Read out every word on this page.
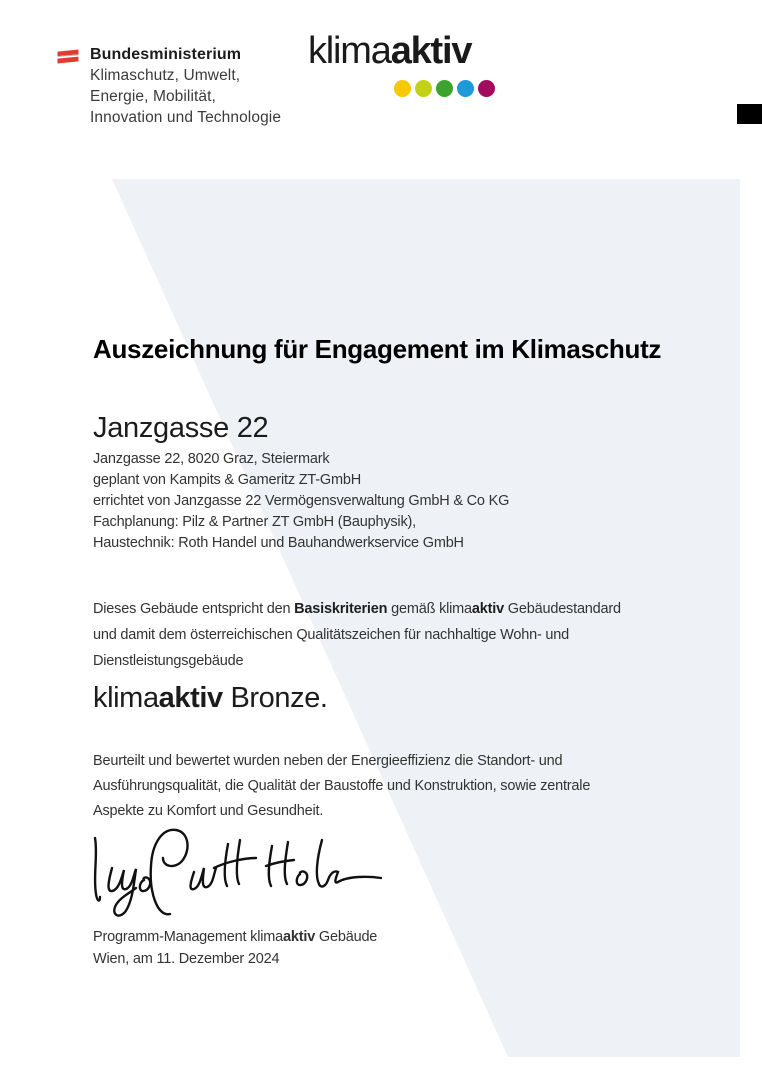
Bundesministerium
Klimaschutz, Umwelt,
Energie, Mobilität,
Innovation und Technologie
klimaaktiv
Auszeichnung für Engagement im Klimaschutz
Janzgasse 22
Janzgasse 22, 8020 Graz, Steiermark
geplant von Kampits & Gameritz ZT-GmbH
errichtet von Janzgasse 22 Vermögensverwaltung GmbH & Co KG
Fachplanung: Pilz & Partner ZT GmbH (Bauphysik),
Haustechnik: Roth Handel und Bauhandwerkservice GmbH
Dieses Gebäude entspricht den Basiskriterien gemäß klimaaktiv Gebäudestandard
und damit dem österreichischen Qualitätszeichen für nachhaltige Wohn- und
Dienstleistungsgebäude
klimaaktiv Bronze.
Beurteilt und bewertet wurden neben der Energieeffizienz die Standort- und
Ausführungsqualität, die Qualität der Baustoffe und Konstruktion, sowie zentrale
Aspekte zu Komfort und Gesundheit.
Programm-Management klimaaktiv Gebäude
Wien, am 11. Dezember 2024
